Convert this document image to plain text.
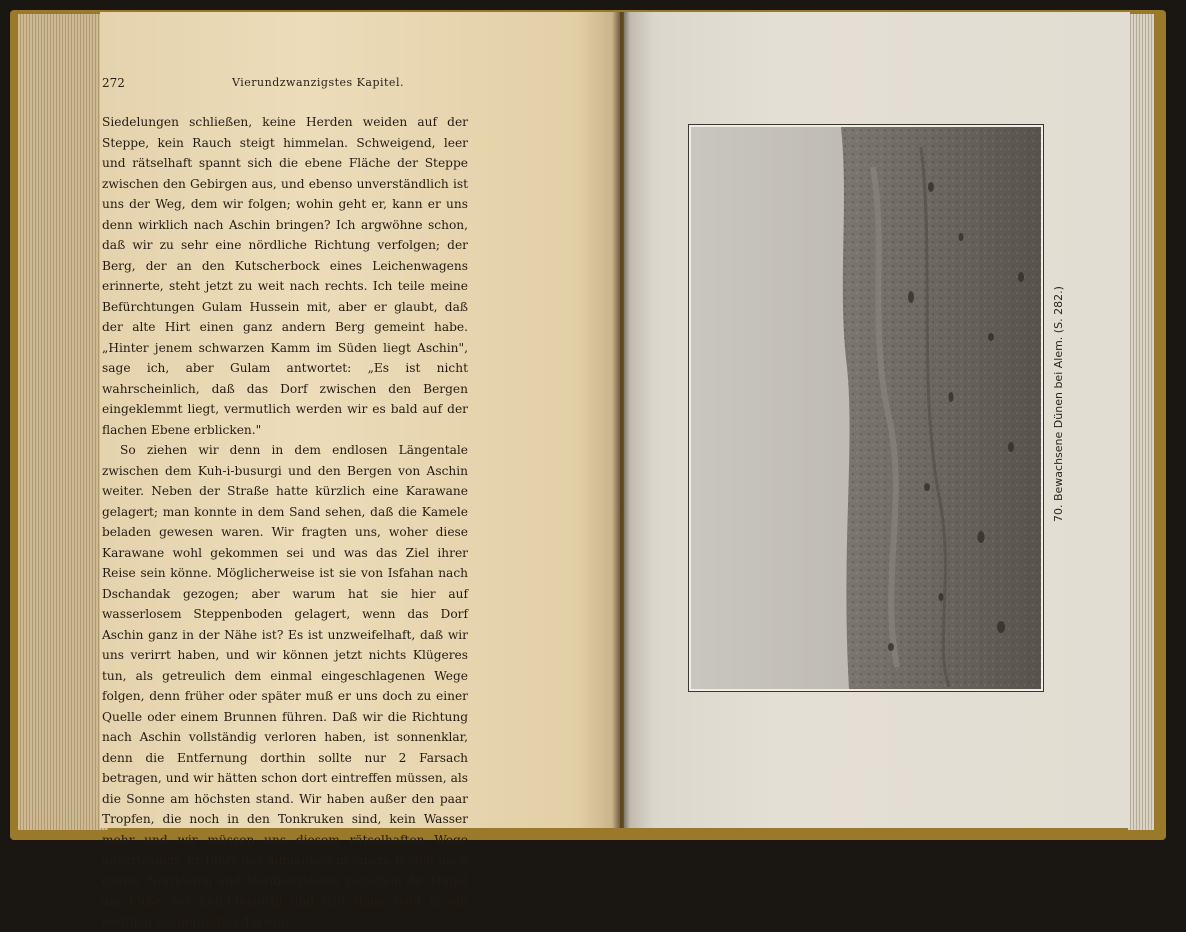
272	Vierundzwanzigstes Kapitel.

Siedelungen schließen, keine Herden weiden auf der Steppe, kein Rauch steigt himmelan. Schweigend, leer und rätselhaft spannt sich die ebene Fläche der Steppe zwischen den Gebirgen aus, und ebenso unverständlich ist uns der Weg, dem wir folgen; wohin geht er, kann er uns denn wirklich nach Aschin bringen? Ich argwöhne schon, daß wir zu sehr eine nördliche Richtung verfolgen; der Berg, der an den Kutscherbock eines Leichenwagens erinnerte, steht jetzt zu weit nach rechts. Ich teile meine Befürchtungen Gulam Hussein mit, aber er glaubt, daß der alte Hirt einen ganz andern Berg gemeint habe. „Hinter jenem schwarzen Kamm im Süden liegt Aschin", sage ich, aber Gulam antwortet: „Es ist nicht wahrscheinlich, daß das Dorf zwischen den Bergen eingeklemmt liegt, vermutlich werden wir es bald auf der flachen Ebene erblicken."

So ziehen wir denn in dem endlosen Längentale zwischen dem Kuh-i-busurgi und den Bergen von Aschin weiter. Neben der Straße hatte kürzlich eine Karawane gelagert; man konnte in dem Sand sehen, daß die Kamele beladen gewesen waren. Wir fragten uns, woher diese Karawane wohl gekommen sei und was das Ziel ihrer Reise sein könne. Möglicherweise ist sie von Isfahan nach Dschandak gezogen; aber warum hat sie hier auf wasserlosem Steppenboden gelagert, wenn das Dorf Aschin ganz in der Nähe ist? Es ist unzweifelhaft, daß wir uns verirrt haben, und wir können jetzt nichts Klügeres tun, als getreulich dem einmal eingeschlagenen Wege folgen, denn früher oder später muß er uns doch zu einer Quelle oder einem Brunnen führen. Daß wir die Richtung nach Aschin vollständig verloren haben, ist sonnenklar, denn die Entfernung dorthin sollte nur 2 Farsach betragen, und wir hätten schon dort eintreffen müssen, als die Sonne am höchsten stand. Wir haben außer den paar Tropfen, die noch in den Tonkruken sind, kein Wasser mehr und wir müssen uns diesem rätselhaften Wege anvertrauen. Er führt uns allmählich in einem Bogen nach Osten, Nordosten und Nordnordosten zwischen die Hügel am Fuße des Kuh-i-busurgi und tritt dann bald in ein deutlich ausgeprägtes Tal ein.

70. Bewachsene Dünen bei Alem. (S. 282.)
